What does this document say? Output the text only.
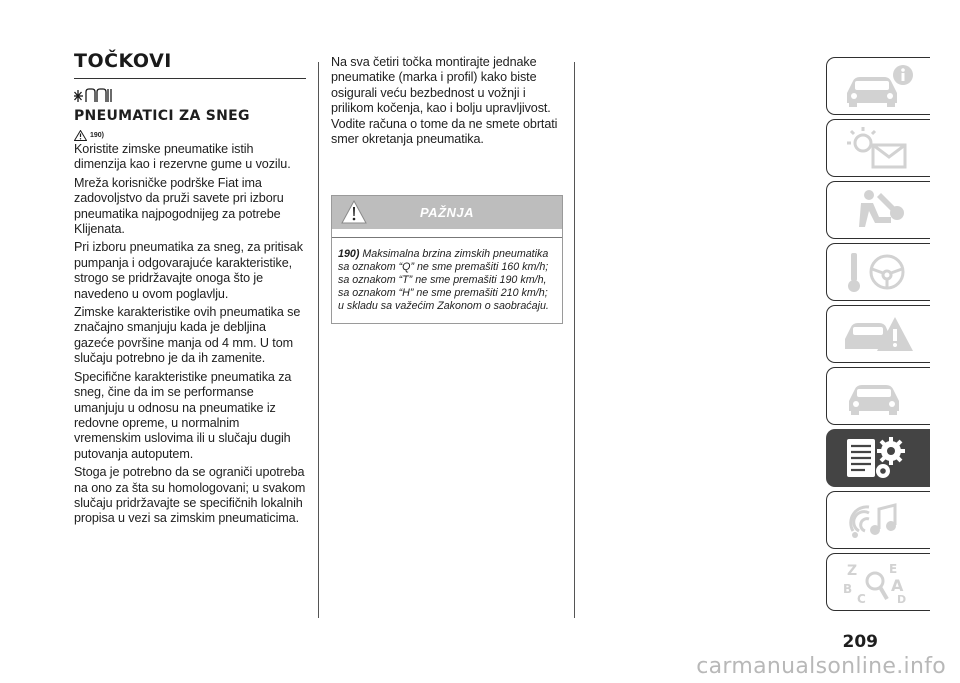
TOČKOVI
PNEUMATICI ZA SNEG
190)

Koristite zimske pneumatike istih dimenzija kao i rezervne gume u vozilu.

Mreža korisničke podrške Fiat ima zadovoljstvo da pruži savete pri izboru pneumatika najpogodnijeg za potrebe Klijenata.

Pri izboru pneumatika za sneg, za pritisak pumpanja i odgovarajuće karakteristike, strogo se pridržavajte onoga što je navedeno u ovom poglavlju.

Zimske karakteristike ovih pneumatika se značajno smanjuju kada je debljina gazeće površine manja od 4 mm. U tom slučaju potrebno je da ih zamenite.

Specifične karakteristike pneumatika za sneg, čine da im se performanse umanjuju u odnosu na pneumatike iz redovne opreme, u normalnim vremenskim uslovima ili u slučaju dugih putovanja autoputem.

Stoga je potrebno da se ograniči upotreba na ono za šta su homologovani; u svakom slučaju pridržavajte se specifičnih lokalnih propisa u vezi sa zimskim pneumaticima.

Na sva četiri točka montirajte jednake pneumatike (marka i profil) kako biste osigurali veću bezbednost u vožnji i prilikom kočenja, kao i bolju upravljivost. Vodite računa o tome da ne smete obrtati smer okretanja pneumatika.

PAŽNJA
190) Maksimalna brzina zimskih pneumatika sa oznakom “Q” ne sme premašiti 160 km/h; sa oznakom “T” ne sme premašiti 190 km/h, sa oznakom “H” ne sme premašiti 210 km/h; u skladu sa važećim Zakonom o saobraćaju.
Z	E
B A
C	D
209
carmanualsonline.info
